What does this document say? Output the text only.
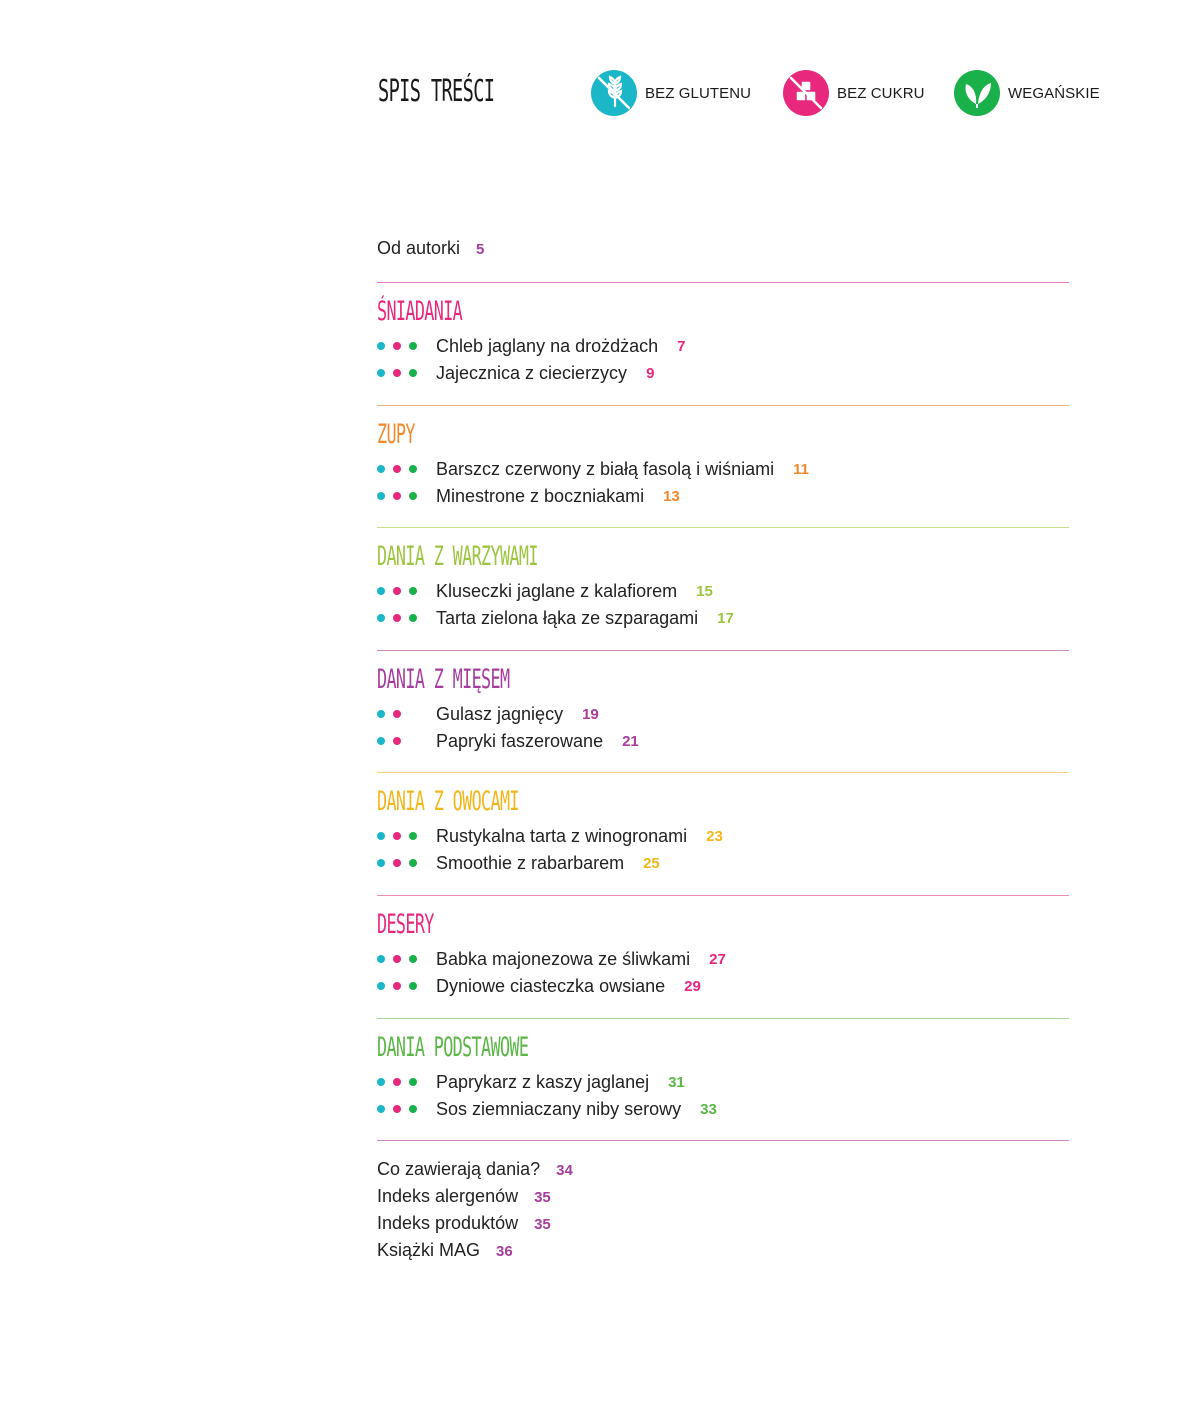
SPIS TREŚCI	BEZ GLUTENU	BEZ CUKRU	WEGAŃSKIE
Od autorki 5
ŚNIADANIA
Chleb jaglany na drożdżach 7
Jajecznica z ciecierzycy 9
ZUPY
Barszcz czerwony z białą fasolą i wiśniami 11
Minestrone z boczniakami 13
DANIA Z WARZYWAMI
Kluseczki jaglane z kalafiorem 15
Tarta zielona łąka ze szparagami 17
DANIA Z MIĘSEM
Gulasz jagnięcy 19
Papryki faszerowane 21
DANIA Z OWOCAMI
Rustykalna tarta z winogronami 23
Smoothie z rabarbarem 25
DESERY
Babka majonezowa ze śliwkami 27
Dyniowe ciasteczka owsiane 29
DANIA PODSTAWOWE
Paprykarz z kaszy jaglanej 31
Sos ziemniaczany niby serowy 33
Co zawierają dania? 34
Indeks alergenów 35
Indeks produktów 35
Książki MAG 36
